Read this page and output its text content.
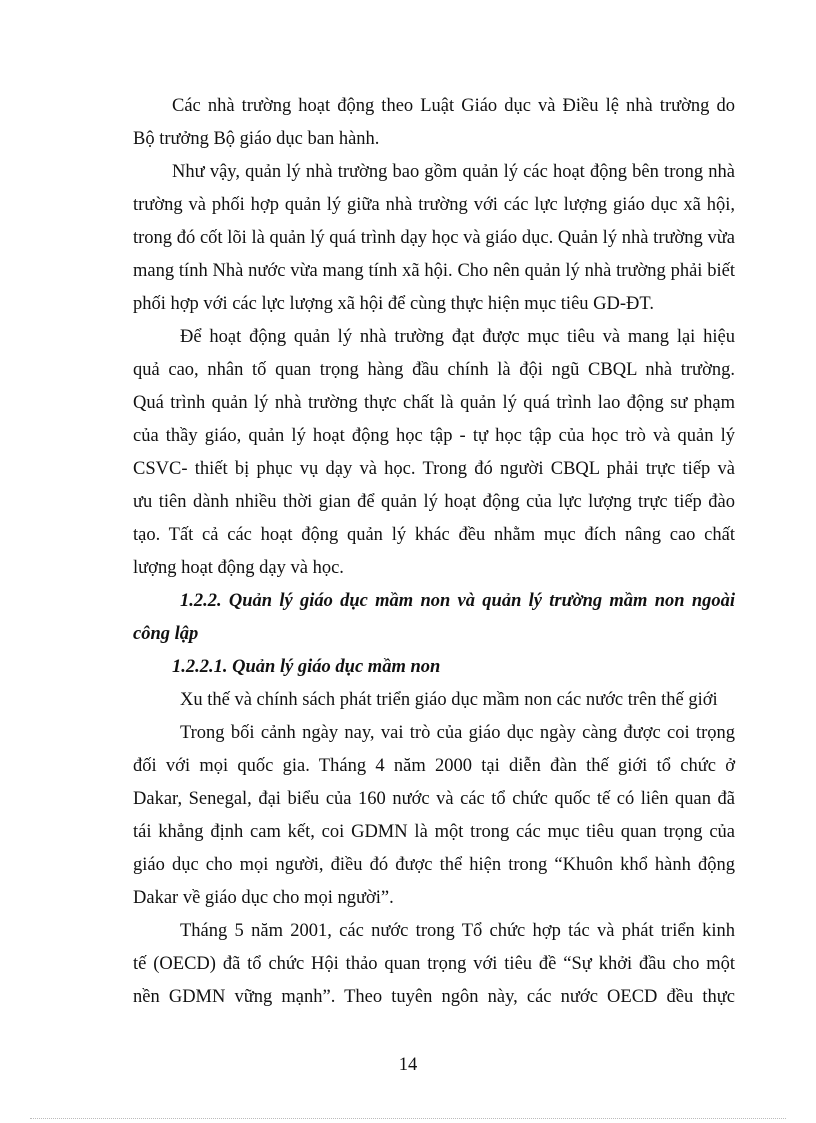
Các nhà trường hoạt động theo Luật Giáo dục và Điều lệ nhà trường do
Bộ trưởng Bộ giáo dục ban hành.
Như vậy, quản lý nhà trường bao gồm quản lý các hoạt động bên trong nhà
trường và phối hợp quản lý giữa nhà trường với các lực lượng giáo dục xã hội,
trong đó cốt lõi là quản lý quá trình dạy học và giáo dục. Quản lý nhà trường vừa
mang tính Nhà nước vừa mang tính xã hội. Cho nên quản lý nhà trường phải biết
phối hợp với các lực lượng xã hội để cùng thực hiện mục tiêu GD-ĐT.
Để hoạt động quản lý nhà trường đạt được mục tiêu và mang lại hiệu
quả cao, nhân tố quan trọng hàng đầu chính là đội ngũ CBQL nhà trường.
Quá trình quản lý nhà trường thực chất là quản lý quá trình lao động sư phạm
của thầy giáo, quản lý hoạt động học tập - tự học tập của học trò và quản lý
CSVC- thiết bị phục vụ dạy và học. Trong đó người CBQL phải trực tiếp và
ưu tiên dành nhiều thời gian để quản lý hoạt động của lực lượng trực tiếp đào
tạo. Tất cả các hoạt động quản lý khác đều nhằm mục đích nâng cao chất
lượng hoạt động dạy và học.
1.2.2. Quản lý giáo dục mầm non và quản lý trường mầm non ngoài
công lập
1.2.2.1. Quản lý giáo dục mầm non
Xu thế và chính sách phát triển giáo dục mầm non các nước trên thế giới
Trong bối cảnh ngày nay, vai trò của giáo dục ngày càng được coi trọng
đối với mọi quốc gia. Tháng 4 năm 2000 tại diễn đàn thế giới tổ chức ở
Dakar, Senegal, đại biểu của 160 nước và các tổ chức quốc tế có liên quan đã
tái khẳng định cam kết, coi GDMN là một trong các mục tiêu quan trọng của
giáo dục cho mọi người, điều đó được thể hiện trong “Khuôn khổ hành động
Dakar về giáo dục cho mọi người”.
Tháng 5 năm 2001, các nước trong Tổ chức hợp tác và phát triển kinh
tế (OECD) đã tổ chức Hội thảo quan trọng với tiêu đề “Sự khởi đầu cho một
nền GDMN vững mạnh”. Theo tuyên ngôn này, các nước OECD đều thực
14
